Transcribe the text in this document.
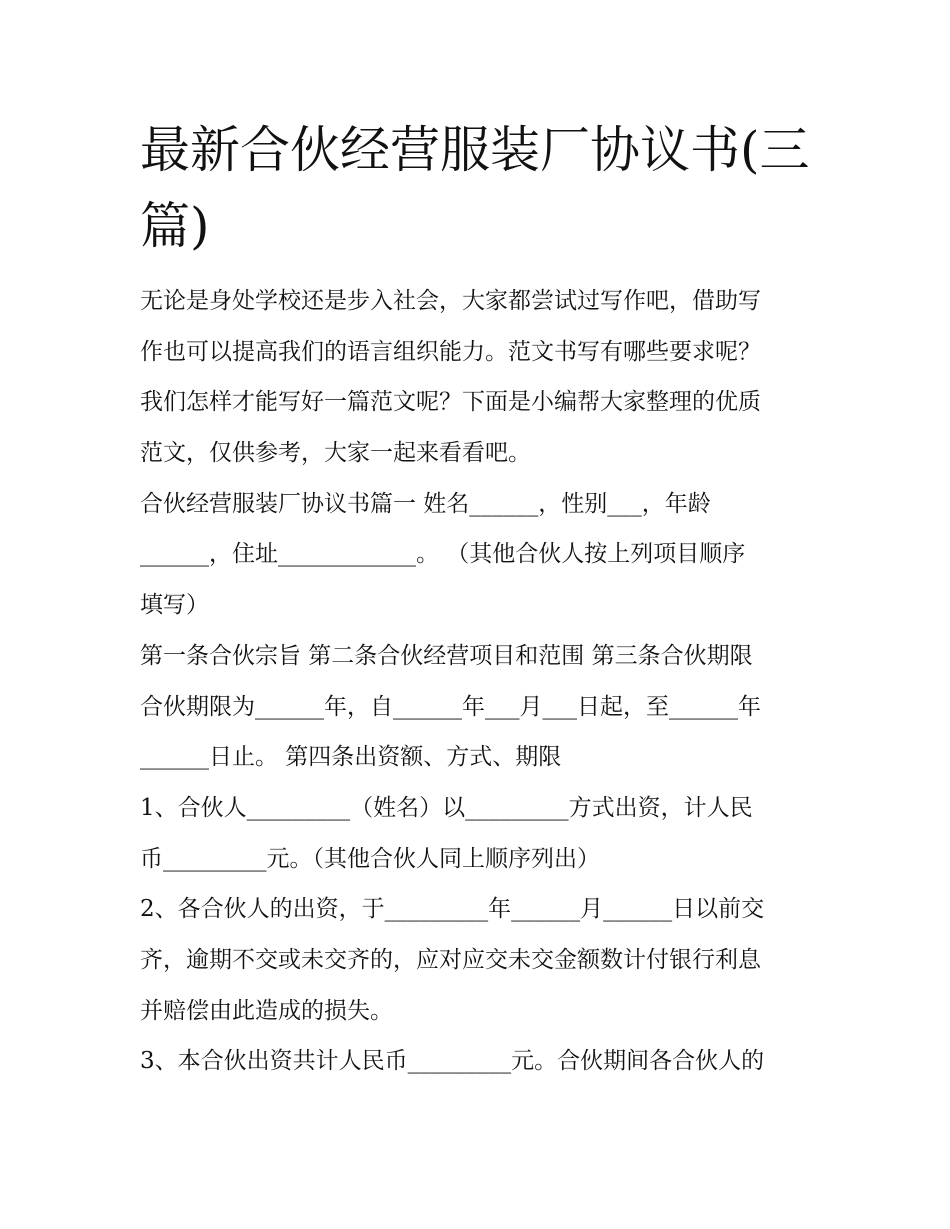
最新合伙经营服装厂协议书(三
篇)
无论是身处学校还是步入社会，大家都尝试过写作吧，借助写
作也可以提高我们的语言组织能力。范文书写有哪些要求呢？
我们怎样才能写好一篇范文呢？下面是小编帮大家整理的优质
范文，仅供参考，大家一起来看看吧。
合伙经营服装厂协议书篇一 姓名______，性别___，年龄
______，住址____________。 （其他合伙人按上列项目顺序
填写）
第一条合伙宗旨 第二条合伙经营项目和范围 第三条合伙期限
合伙期限为______年，自______年___月___日起，至______年
______日止。 第四条出资额、方式、期限
1、合伙人_________（姓名）以_________方式出资，计人民
币_________元。（其他合伙人同上顺序列出）
2、各合伙人的出资，于_________年______月______日以前交
齐，逾期不交或未交齐的，应对应交未交金额数计付银行利息
并赔偿由此造成的损失。
3、本合伙出资共计人民币_________元。合伙期间各合伙人的
